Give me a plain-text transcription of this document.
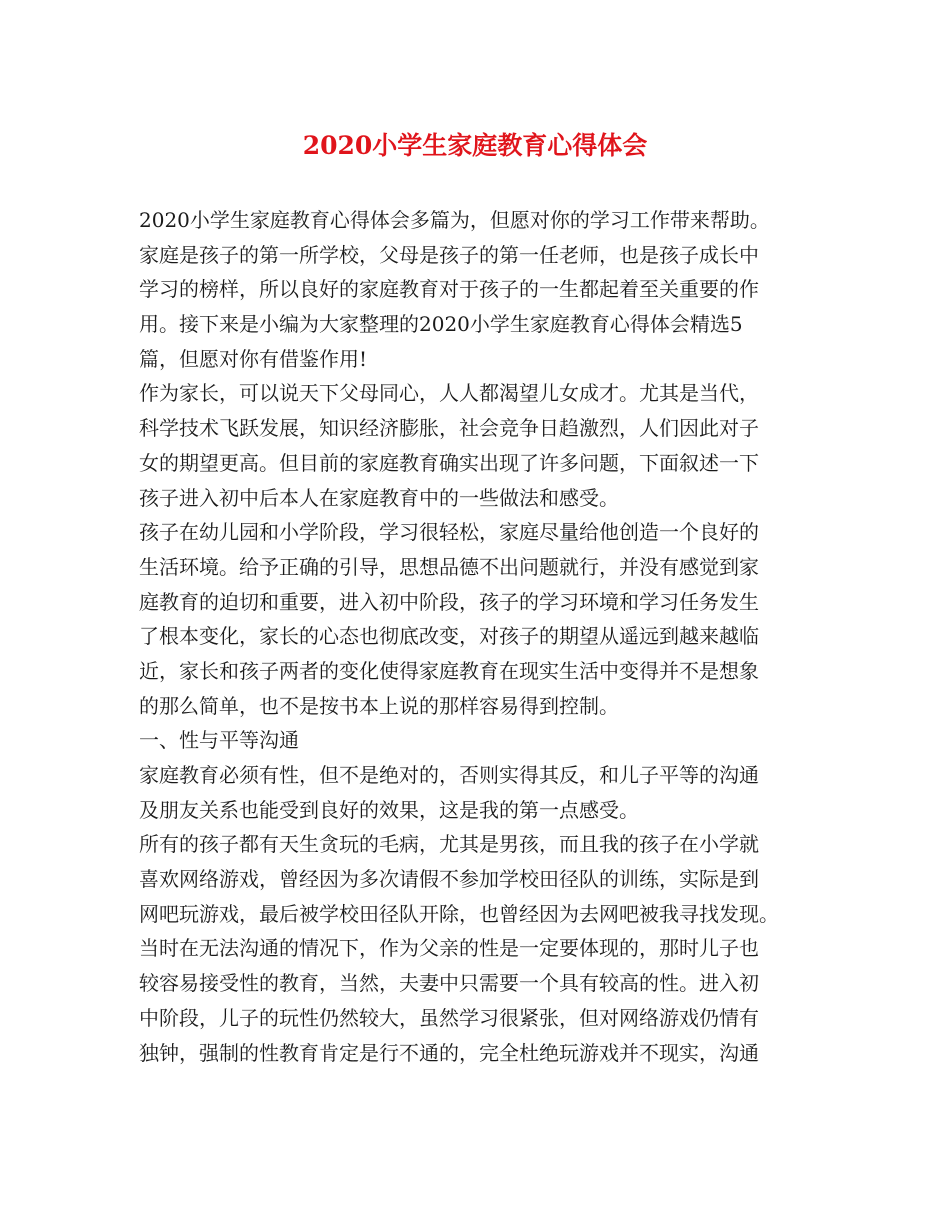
2020小学生家庭教育心得体会
2020小学生家庭教育心得体会多篇为，但愿对你的学习工作带来帮助。
家庭是孩子的第一所学校，父母是孩子的第一任老师，也是孩子成长中
学习的榜样，所以良好的家庭教育对于孩子的一生都起着至关重要的作
用。接下来是小编为大家整理的2020小学生家庭教育心得体会精选5
篇，但愿对你有借鉴作用!
作为家长，可以说天下父母同心，人人都渴望儿女成才。尤其是当代，
科学技术飞跃发展，知识经济膨胀，社会竞争日趋激烈，人们因此对子
女的期望更高。但目前的家庭教育确实出现了许多问题，下面叙述一下
孩子进入初中后本人在家庭教育中的一些做法和感受。
孩子在幼儿园和小学阶段，学习很轻松，家庭尽量给他创造一个良好的
生活环境。给予正确的引导，思想品德不出问题就行，并没有感觉到家
庭教育的迫切和重要，进入初中阶段，孩子的学习环境和学习任务发生
了根本变化，家长的心态也彻底改变，对孩子的期望从遥远到越来越临
近，家长和孩子两者的变化使得家庭教育在现实生活中变得并不是想象
的那么简单，也不是按书本上说的那样容易得到控制。
一、性与平等沟通
家庭教育必须有性，但不是绝对的，否则实得其反，和儿子平等的沟通
及朋友关系也能受到良好的效果，这是我的第一点感受。
所有的孩子都有天生贪玩的毛病，尤其是男孩，而且我的孩子在小学就
喜欢网络游戏，曾经因为多次请假不参加学校田径队的训练，实际是到
网吧玩游戏，最后被学校田径队开除，也曾经因为去网吧被我寻找发现。
当时在无法沟通的情况下，作为父亲的性是一定要体现的，那时儿子也
较容易接受性的教育，当然，夫妻中只需要一个具有较高的性。进入初
中阶段，儿子的玩性仍然较大，虽然学习很紧张，但对网络游戏仍情有
独钟，强制的性教育肯定是行不通的，完全杜绝玩游戏并不现实，沟通
